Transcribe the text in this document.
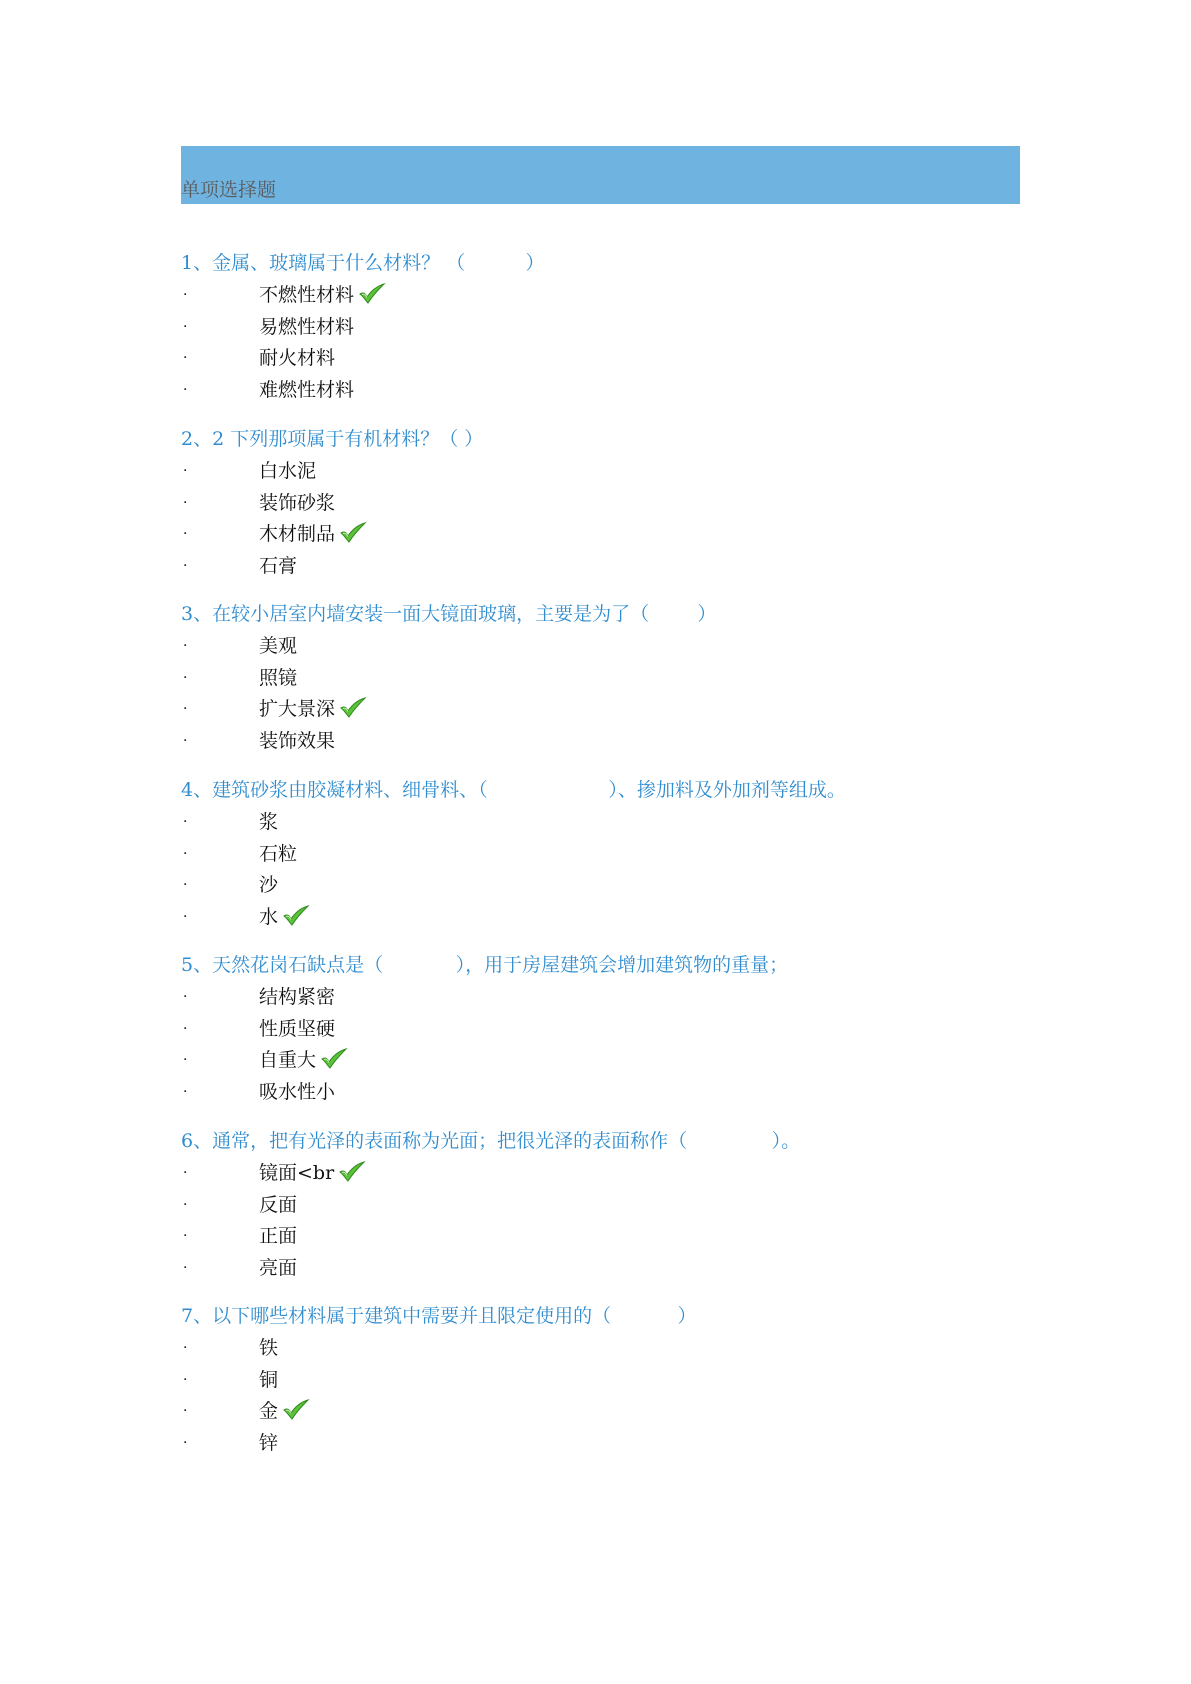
单项选择题
1、金属、玻璃属于什么材料？ （          ）
·	不燃性材料
·	易燃性材料
·	耐火材料
·	难燃性材料
2、2 下列那项属于有机材料？（ ）
·	白水泥
·	装饰砂浆
·	木材制品
·	石膏
3、在较小居室内墙安装一面大镜面玻璃，主要是为了（        ）
·	美观
·	照镜
·	扩大景深
·	装饰效果
4、建筑砂浆由胶凝材料、细骨料、（                    ）、掺加料及外加剂等组成。
·	浆
·	石粒
·	沙
·	水
5、天然花岗石缺点是（            ），用于房屋建筑会增加建筑物的重量；
·	结构紧密
·	性质坚硬
·	自重大
·	吸水性小
6、通常，把有光泽的表面称为光面；把很光泽的表面称作（              ）。
·	镜面<br
·	反面
·	正面
·	亮面
7、以下哪些材料属于建筑中需要并且限定使用的（           ）
·	铁
·	铜
·	金
·	锌
